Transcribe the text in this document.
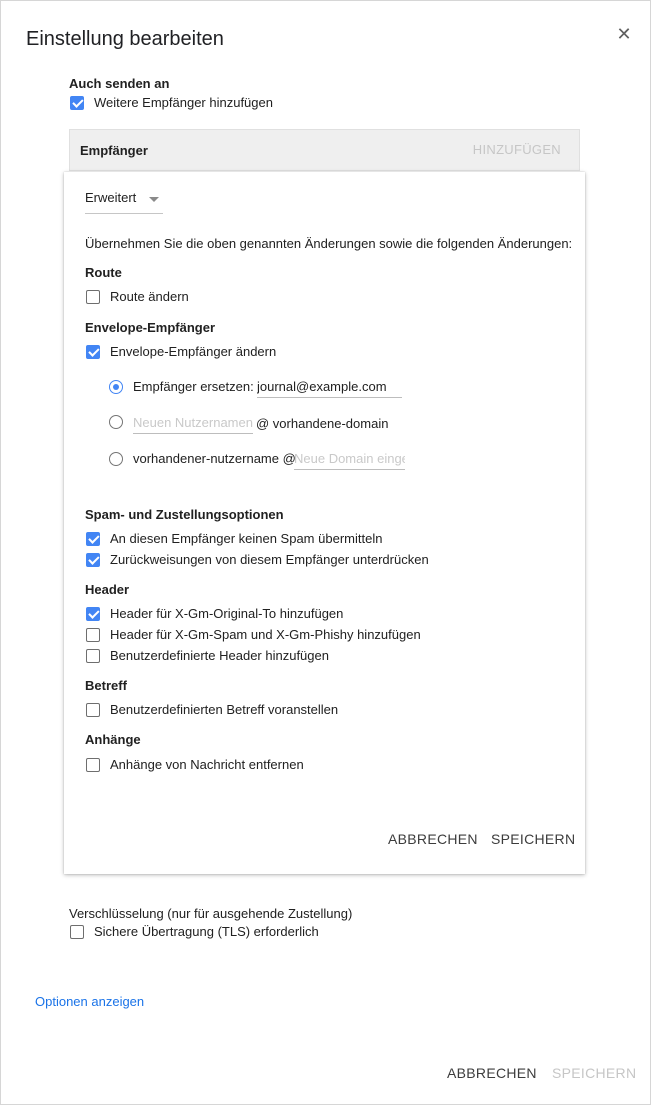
Einstellung bearbeiten	✕
Auch senden an
Weitere Empfänger hinzufügen
Empfänger	HINZUFÜGEN
Erweitert
Übernehmen Sie die oben genannten Änderungen sowie die folgenden Änderungen:
Route
Route ändern
Envelope-Empfänger
Envelope-Empfänger ändern
Empfänger ersetzen:
journal@example.com
Neuen Nutzernamen eingeben
@ vorhandene-domain
vorhandener-nutzername @
Neue Domain eingeben
Spam- und Zustellungsoptionen
An diesen Empfänger keinen Spam übermitteln
Zurückweisungen von diesem Empfänger unterdrücken
Header
Header für X-Gm-Original-To hinzufügen
Header für X-Gm-Spam und X-Gm-Phishy hinzufügen
Benutzerdefinierte Header hinzufügen
Betreff
Benutzerdefinierten Betreff voranstellen
Anhänge
Anhänge von Nachricht entfernen
ABBRECHEN SPEICHERN
Verschlüsselung (nur für ausgehende Zustellung)
Sichere Übertragung (TLS) erforderlich
Optionen anzeigen
ABBRECHEN SPEICHERN
